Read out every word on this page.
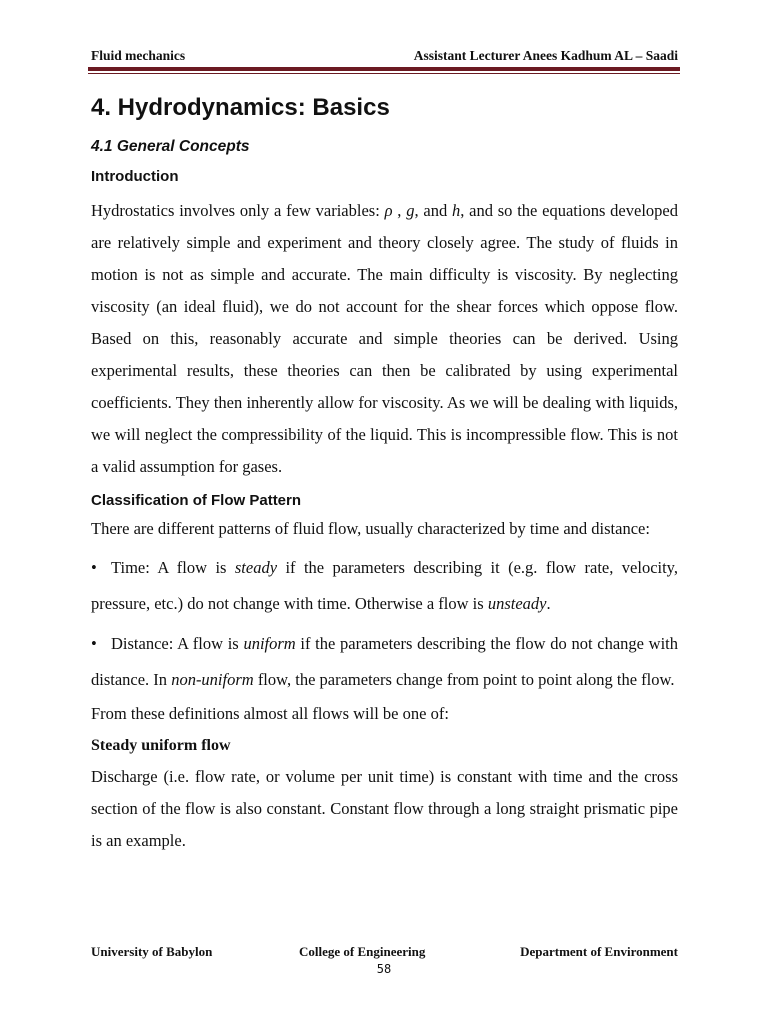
Fluid mechanics	Assistant Lecturer Anees Kadhum AL – Saadi
4. Hydrodynamics: Basics
4.1 General Concepts
Introduction

Hydrostatics involves only a few variables: ρ , g, and h, and so the equations developed are relatively simple and experiment and theory closely agree. The study of fluids in motion is not as simple and accurate. The main difficulty is viscosity. By neglecting viscosity (an ideal fluid), we do not account for the shear forces which oppose flow. Based on this, reasonably accurate and simple theories can be derived. Using experimental results, these theories can then be calibrated by using experimental coefficients. They then inherently allow for viscosity. As we will be dealing with liquids, we will neglect the compressibility of the liquid. This is incompressible flow. This is not a valid assumption for gases.

Classification of Flow Pattern

There are different patterns of fluid flow, usually characterized by time and distance:

• Time: A flow is steady if the parameters describing it (e.g. flow rate, velocity, pressure, etc.) do not change with time. Otherwise a flow is unsteady.

• Distance: A flow is uniform if the parameters describing the flow do not change with distance. In non-uniform flow, the parameters change from point to point along the flow.

From these definitions almost all flows will be one of:

Steady uniform flow

Discharge (i.e. flow rate, or volume per unit time) is constant with time and the cross section of the flow is also constant. Constant flow through a long straight prismatic pipe is an example.

University of Babylon	College of Engineering	Department of Environment
58
